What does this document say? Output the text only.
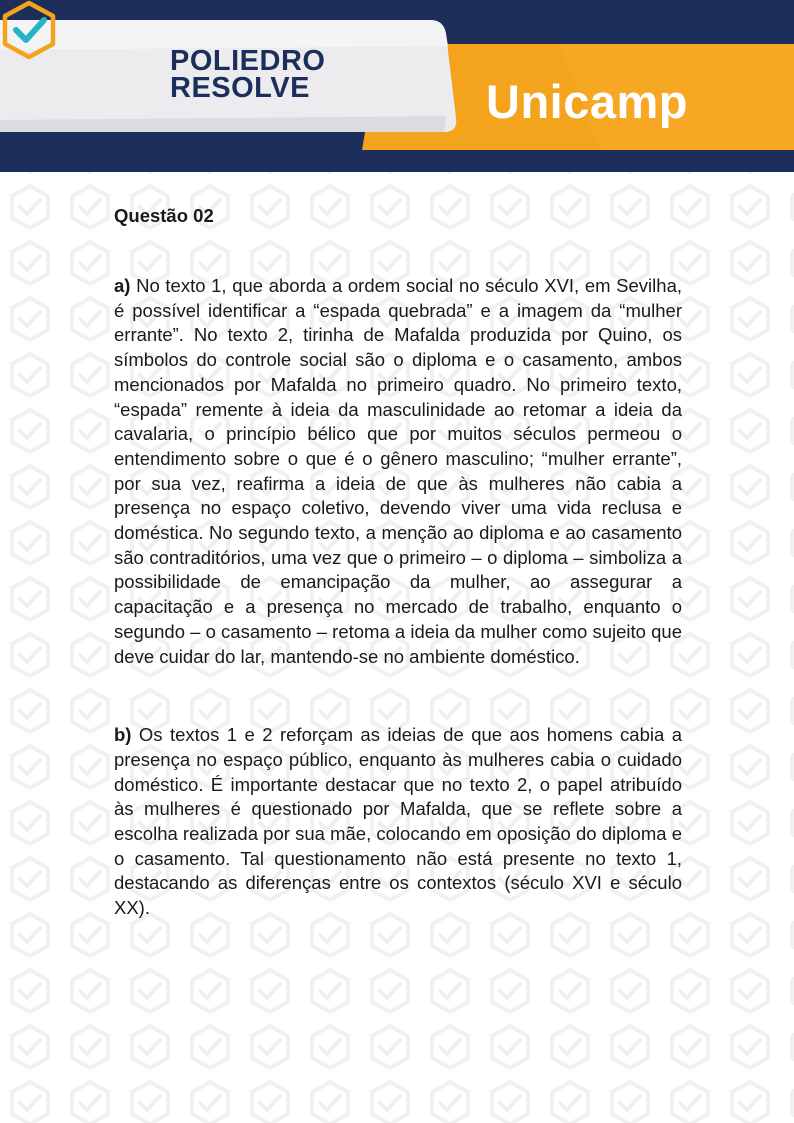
POLIEDRO
RESOLVE	Unicamp
Questão 02

a) No texto 1, que aborda a ordem social no século XVI, em Sevilha, é possível identificar a “espada quebrada” e a imagem da “mulher errante”. No texto 2, tirinha de Mafalda produzida por Quino, os símbolos do controle social são o diploma e o casamento, ambos mencionados por Mafalda no primeiro quadro. No primeiro texto, “espada” remente à ideia da masculinidade ao retomar a ideia da cavalaria, o princípio bélico que por muitos séculos permeou o entendimento sobre o que é o gênero masculino; “mulher errante”, por sua vez, reafirma a ideia de que às mulheres não cabia a presença no espaço coletivo, devendo viver uma vida reclusa e doméstica. No segundo texto, a menção ao diploma e ao casamento são contraditórios, uma vez que o primeiro – o diploma – simboliza a possibilidade de emancipação da mulher, ao assegurar a capacitação e a presença no mercado de trabalho, enquanto o segundo – o casamento – retoma a ideia da mulher como sujeito que deve cuidar do lar, mantendo-se no ambiente doméstico.

b) Os textos 1 e 2 reforçam as ideias de que aos homens cabia a presença no espaço público, enquanto às mulheres cabia o cuidado doméstico. É importante destacar que no texto 2, o papel atribuído às mulheres é questionado por Mafalda, que se reflete sobre a escolha realizada por sua mãe, colocando em oposição do diploma e o casamento. Tal questionamento não está presente no texto 1, destacando as diferenças entre os contextos (século XVI e século XX).
